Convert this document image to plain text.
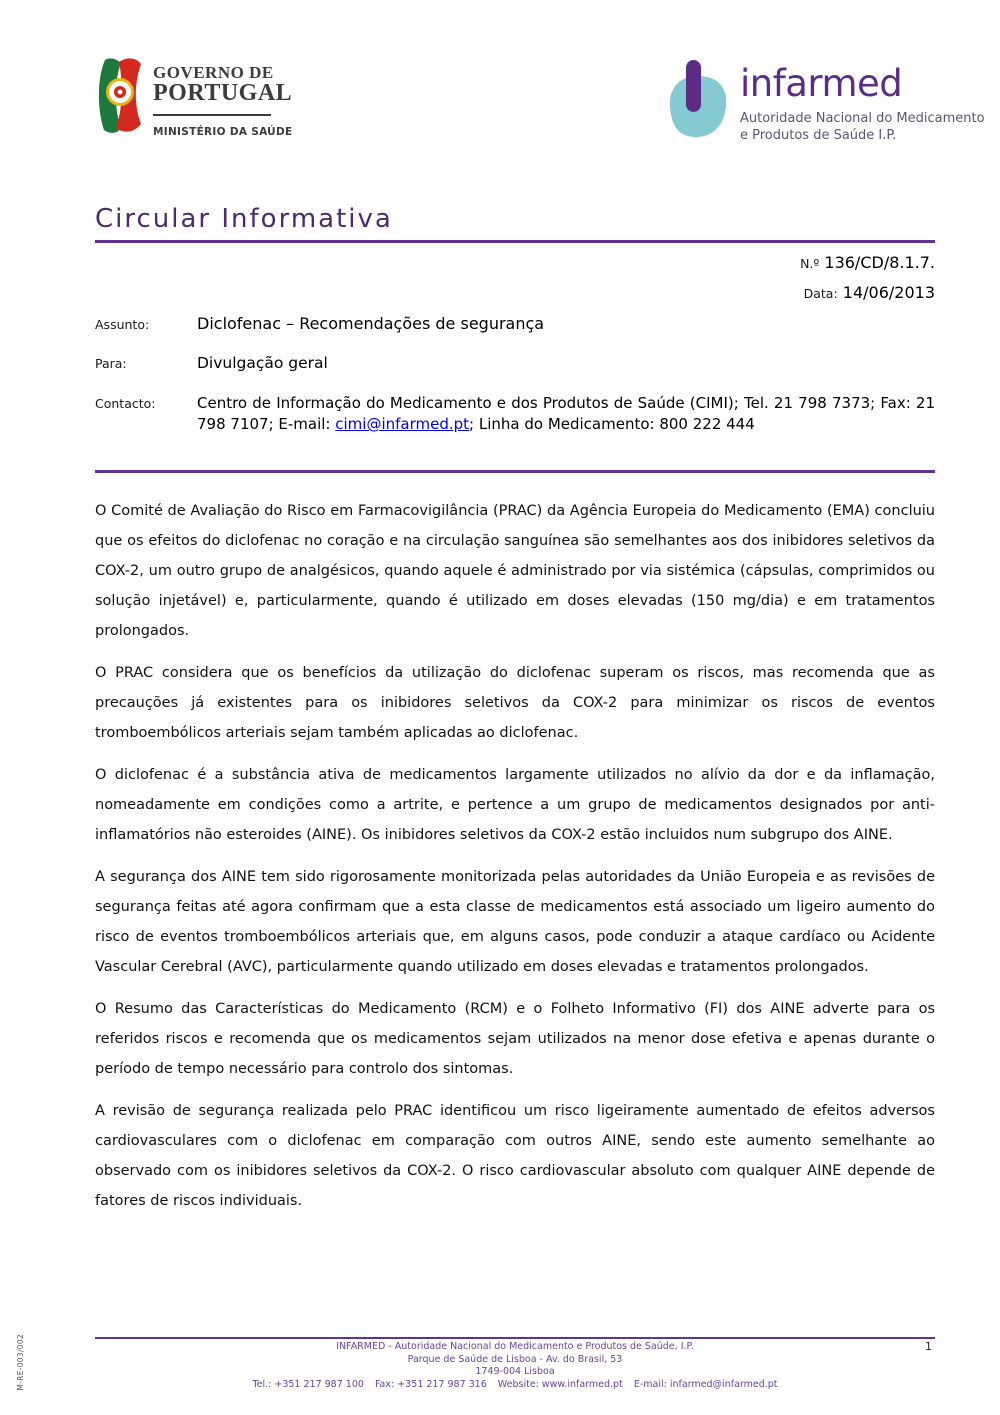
GOVERNO DE
PORTUGAL
MINISTÉRIO DA SAÚDE
infarmed
Autoridade Nacional do Medicamento
e Produtos de Saúde I.P.
Circular Informativa
N.º 136/CD/8.1.7.
Data: 14/06/2013
Assunto:	Diclofenac – Recomendações de segurança
Para:	Divulgação geral
Contacto:	Centro de Informação do Medicamento e dos Produtos de Saúde (CIMI); Tel. 21 798 7373; Fax: 21 798 7107; E-mail: cimi@infarmed.pt; Linha do Medicamento: 800 222 444

O Comité de Avaliação do Risco em Farmacovigilância (PRAC) da Agência Europeia do Medicamento (EMA) concluiu que os efeitos do diclofenac no coração e na circulação sanguínea são semelhantes aos dos inibidores seletivos da COX-2, um outro grupo de analgésicos, quando aquele é administrado por via sistémica (cápsulas, comprimidos ou solução injetável) e, particularmente, quando é utilizado em doses elevadas (150 mg/dia) e em tratamentos prolongados.

O PRAC considera que os benefícios da utilização do diclofenac superam os riscos, mas recomenda que as precauções já existentes para os inibidores seletivos da COX-2 para minimizar os riscos de eventos tromboembólicos arteriais sejam também aplicadas ao diclofenac.

O diclofenac é a substância ativa de medicamentos largamente utilizados no alívio da dor e da inflamação, nomeadamente em condições como a artrite, e pertence a um grupo de medicamentos designados por anti-inflamatórios não esteroides (AINE). Os inibidores seletivos da COX-2 estão incluidos num subgrupo dos AINE.

A segurança dos AINE tem sido rigorosamente monitorizada pelas autoridades da União Europeia e as revisões de segurança feitas até agora confirmam que a esta classe de medicamentos está associado um ligeiro aumento do risco de eventos tromboembólicos arteriais que, em alguns casos, pode conduzir a ataque cardíaco ou Acidente Vascular Cerebral (AVC), particularmente quando utilizado em doses elevadas e tratamentos prolongados.

O Resumo das Características do Medicamento (RCM) e o Folheto Informativo (FI) dos AINE adverte para os referidos riscos e recomenda que os medicamentos sejam utilizados na menor dose efetiva e apenas durante o período de tempo necessário para controlo dos sintomas.

A revisão de segurança realizada pelo PRAC identificou um risco ligeiramente aumentado de efeitos adversos cardiovasculares com o diclofenac em comparação com outros AINE, sendo este aumento semelhante ao observado com os inibidores seletivos da COX-2. O risco cardiovascular absoluto com qualquer AINE depende de fatores de riscos individuais.

INFARMED - Autoridade Nacional do Medicamento e Produtos de Saúde, I.P.
Parque de Saúde de Lisboa - Av. do Brasil, 53
1749-004 Lisboa
Tel.: +351 217 987 100 Fax: +351 217 987 316 Website: www.infarmed.pt E-mail: infarmed@infarmed.pt
1
M-RE-003/002
